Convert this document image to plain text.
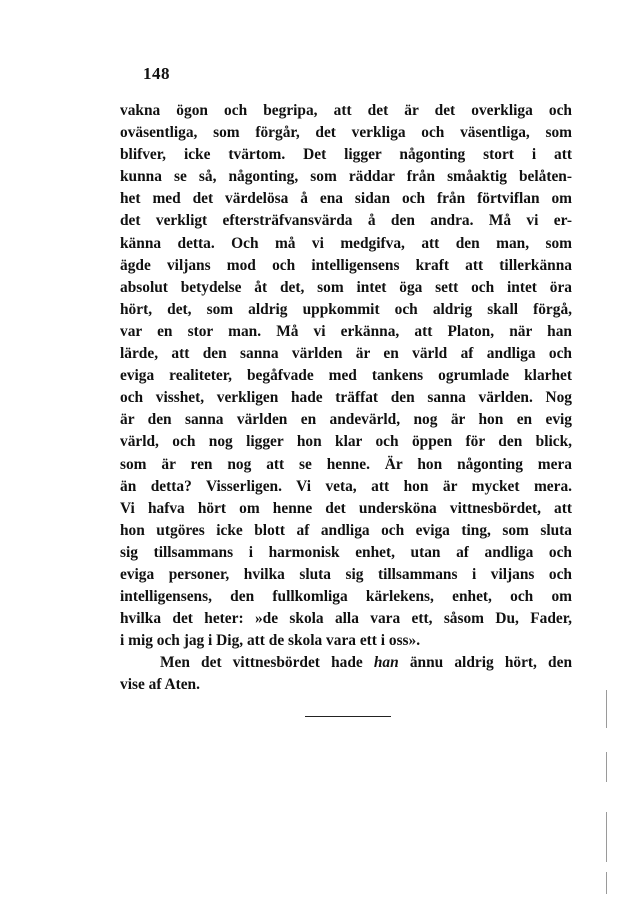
148
vakna ögon och begripa, att det är det overkliga och
oväsentliga, som förgår, det verkliga och väsentliga, som
blifver, icke tvärtom. Det ligger någonting stort i att
kunna se så, någonting, som räddar från småaktig belåten-
het med det värdelösa å ena sidan och från förtviflan om
det verkligt eftersträfvansvärda å den andra. Må vi er-
känna detta. Och må vi medgifva, att den man, som
ägde viljans mod och intelligensens kraft att tillerkänna
absolut betydelse åt det, som intet öga sett och intet öra
hört, det, som aldrig uppkommit och aldrig skall förgå,
var en stor man. Må vi erkänna, att Platon, när han
lärde, att den sanna världen är en värld af andliga och
eviga realiteter, begåfvade med tankens ogrumlade klarhet
och visshet, verkligen hade träffat den sanna världen. Nog
är den sanna världen en andevärld, nog är hon en evig
värld, och nog ligger hon klar och öppen för den blick,
som är ren nog att se henne. Är hon någonting mera
än detta? Visserligen. Vi veta, att hon är mycket mera.
Vi hafva hört om henne det undersköna vittnesbördet, att
hon utgöres icke blott af andliga och eviga ting, som sluta
sig tillsammans i harmonisk enhet, utan af andliga och
eviga personer, hvilka sluta sig tillsammans i viljans och
intelligensens, den fullkomliga kärlekens, enhet, och om
hvilka det heter: »de skola alla vara ett, såsom Du, Fader,
i mig och jag i Dig, att de skola vara ett i oss».
Men det vittnesbördet hade han ännu aldrig hört, den
vise af Aten.
